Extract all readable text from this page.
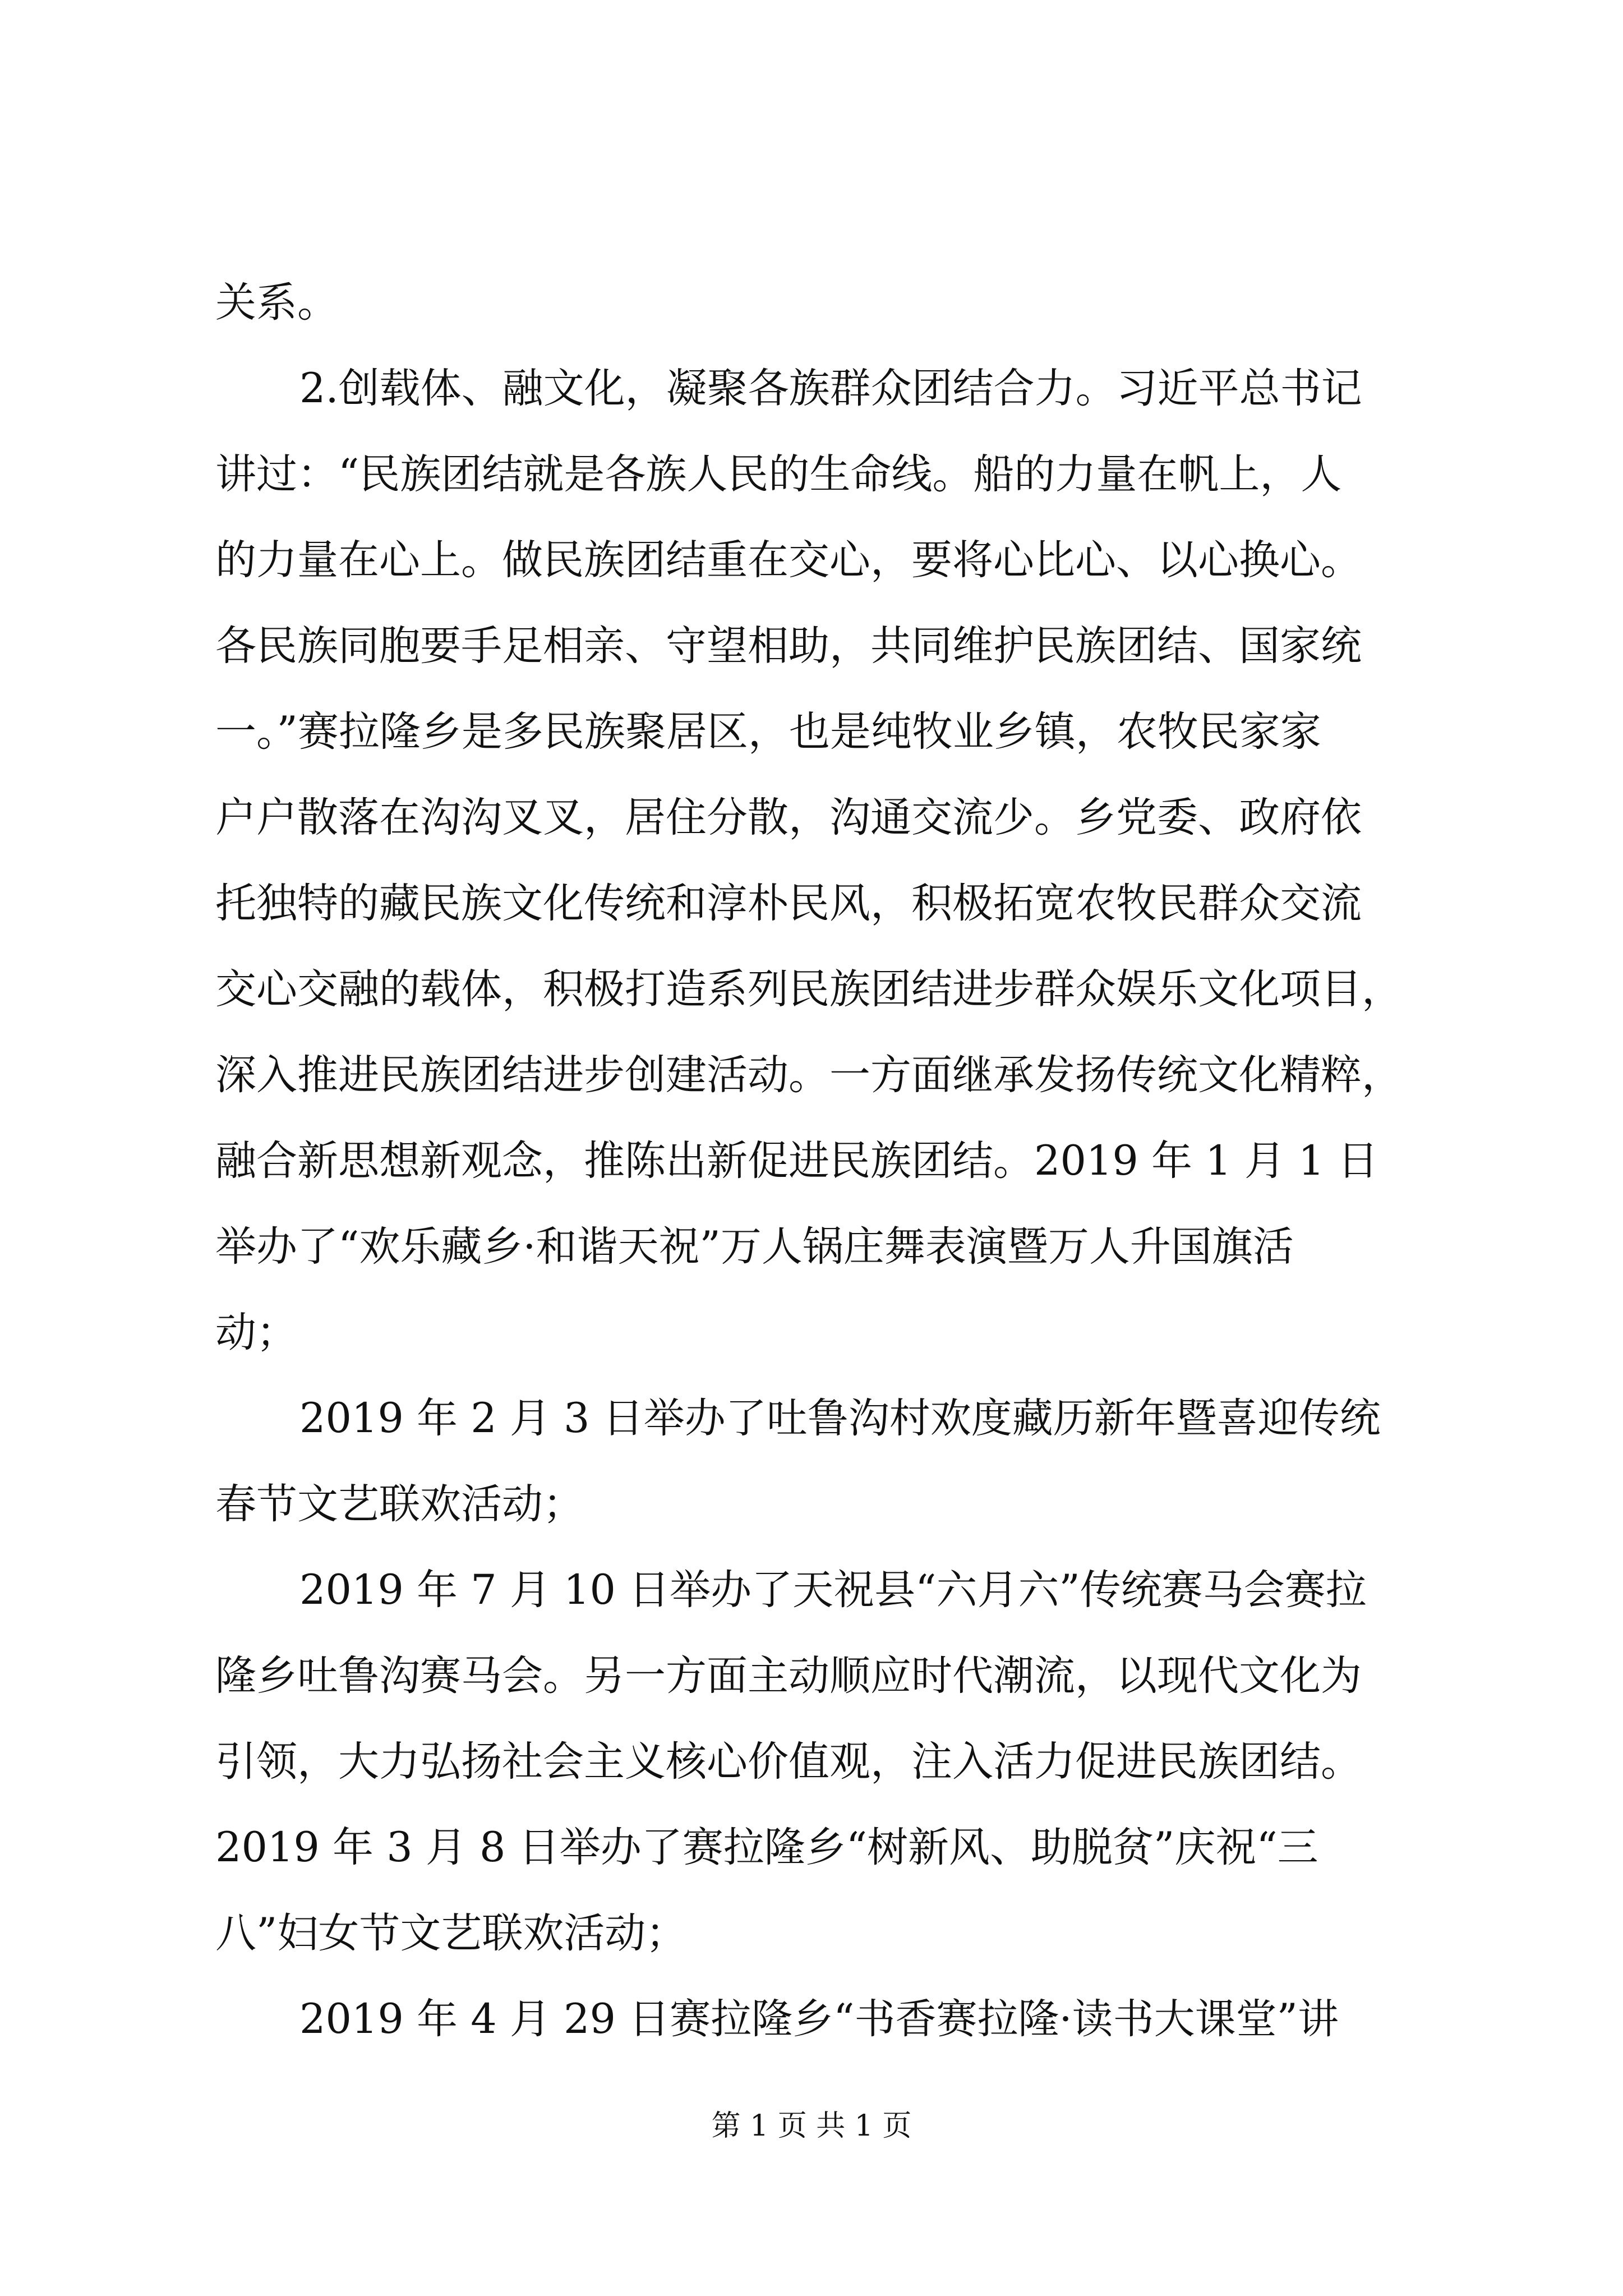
关系。
2.创载体、融文化，凝聚各族群众团结合力。习近平总书记
讲过：“民族团结就是各族人民的生命线。船的力量在帆上，人
的力量在心上。做民族团结重在交心，要将心比心、以心换心。
各民族同胞要手足相亲、守望相助，共同维护民族团结、国家统
一。”赛拉隆乡是多民族聚居区，也是纯牧业乡镇，农牧民家家
户户散落在沟沟叉叉，居住分散，沟通交流少。乡党委、政府依
托独特的藏民族文化传统和淳朴民风，积极拓宽农牧民群众交流
交心交融的载体，积极打造系列民族团结进步群众娱乐文化项目，
深入推进民族团结进步创建活动。一方面继承发扬传统文化精粹，
融合新思想新观念，推陈出新促进民族团结。2019 年 1 月 1 日
举办了“欢乐藏乡·和谐天祝”万人锅庄舞表演暨万人升国旗活
动；
2019 年 2 月 3 日举办了吐鲁沟村欢度藏历新年暨喜迎传统
春节文艺联欢活动；
2019 年 7 月 10 日举办了天祝县“六月六”传统赛马会赛拉
隆乡吐鲁沟赛马会。另一方面主动顺应时代潮流，以现代文化为
引领，大力弘扬社会主义核心价值观，注入活力促进民族团结。
2019 年 3 月 8 日举办了赛拉隆乡“树新风、助脱贫”庆祝“三
八”妇女节文艺联欢活动；
2019 年 4 月 29 日赛拉隆乡“书香赛拉隆·读书大课堂”讲
第 1 页 共 1 页
